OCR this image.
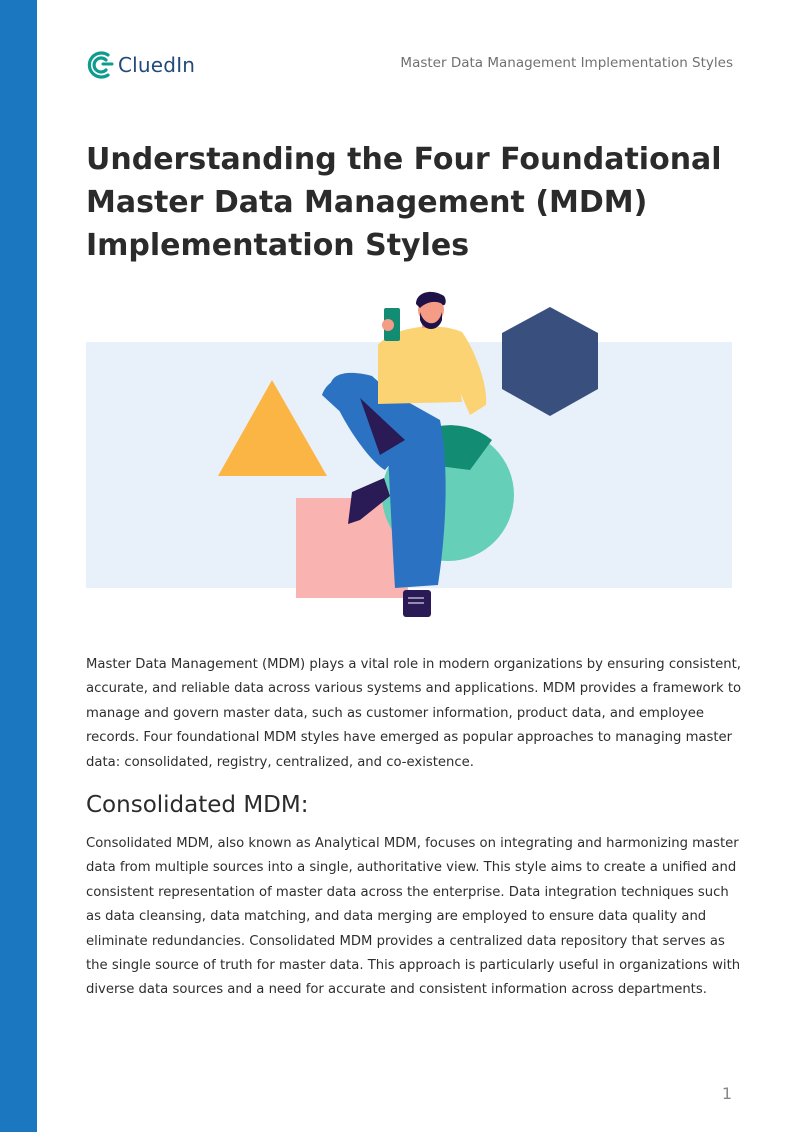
CluedIn	Master Data Management Implementation Styles
Understanding the Four Foundational Master Data Management (MDM) Implementation Styles

Master Data Management (MDM) plays a vital role in modern organizations by ensuring consistent, accurate, and reliable data across various systems and applications. MDM provides a framework to manage and govern master data, such as customer information, product data, and employee records. Four foundational MDM styles have emerged as popular approaches to managing master data: consolidated, registry, centralized, and co-existence.

Consolidated MDM:

Consolidated MDM, also known as Analytical MDM, focuses on integrating and harmonizing master data from multiple sources into a single, authoritative view. This style aims to create a unified and consistent representation of master data across the enterprise. Data integration techniques such as data cleansing, data matching, and data merging are employed to ensure data quality and eliminate redundancies. Consolidated MDM provides a centralized data repository that serves as the single source of truth for master data. This approach is particularly useful in organizations with diverse data sources and a need for accurate and consistent information across departments.

1
